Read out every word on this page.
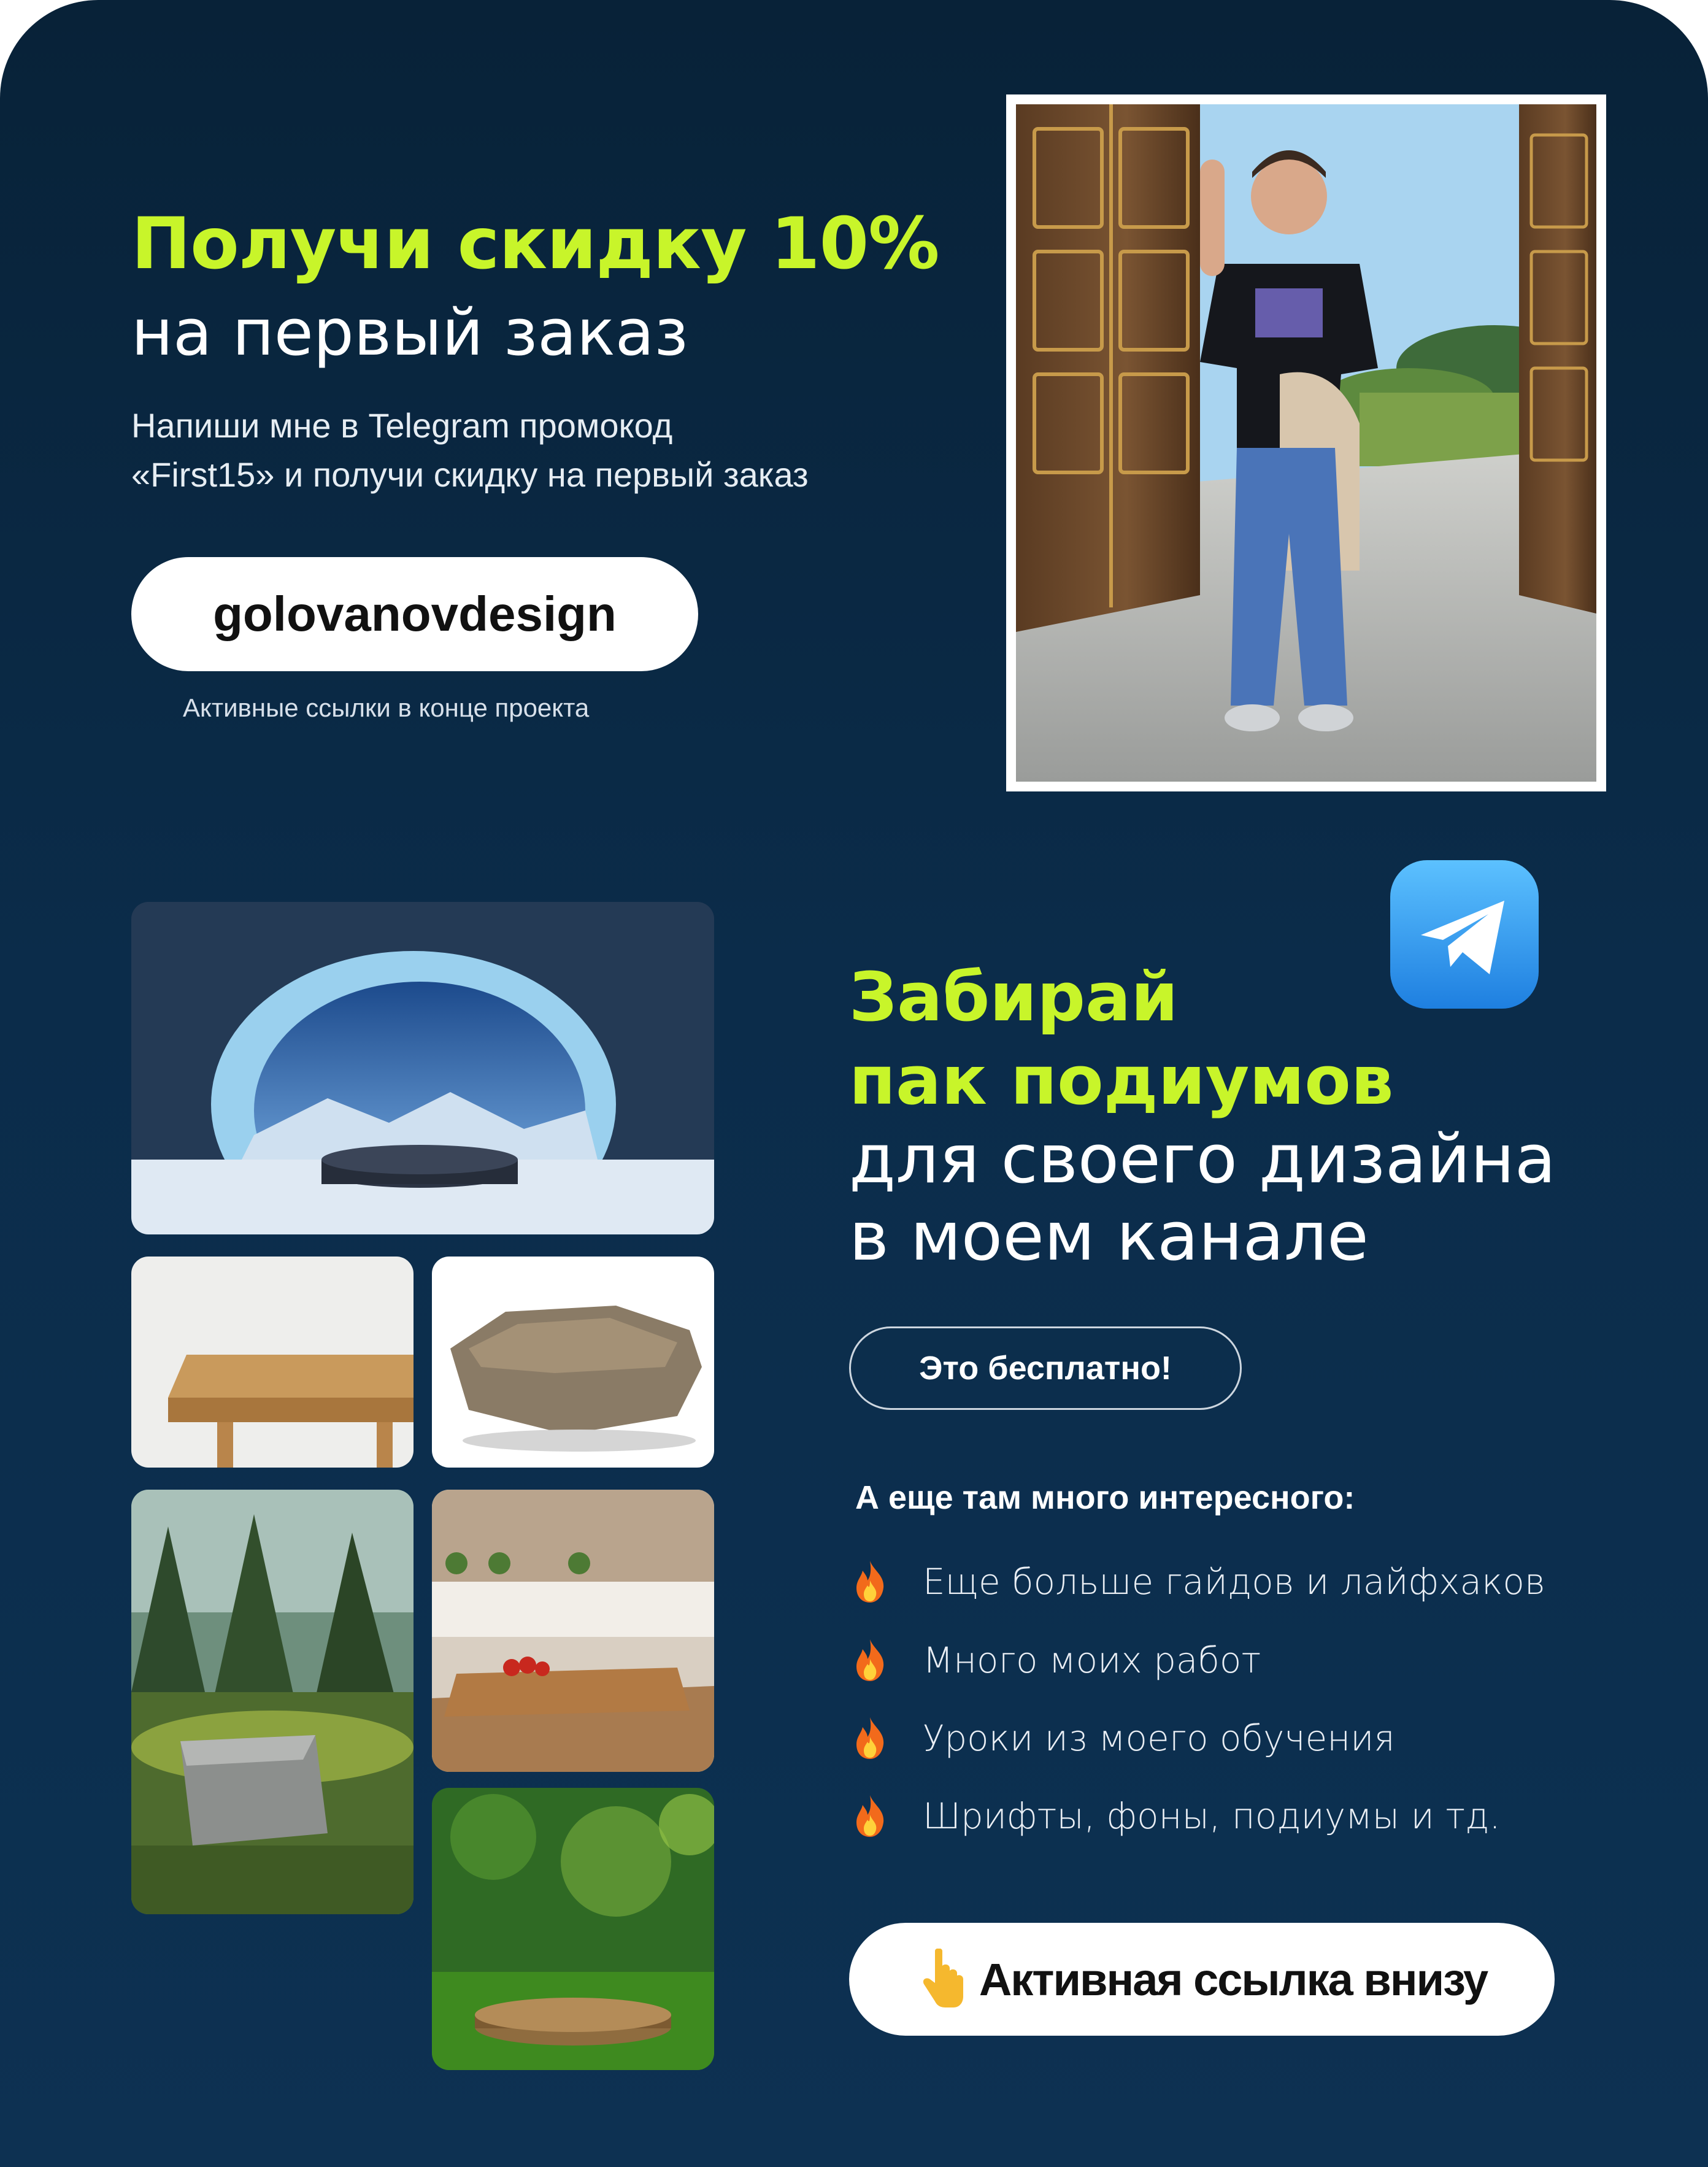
Получи скидку 10%
на первый заказ
Напиши мне в Telegram промокод
«First15» и получи скидку на первый заказ
golovanovdesign
Активные ссылки в конце проекта
Забирай
пак подиумов
для своего дизайна
в моем канале
Это бесплатно!
А еще там много интересного:
Еще больше гайдов и лайфхаков
Много моих работ
Уроки из моего обучения
Шрифты, фоны, подиумы и тд.
Активная ссылка внизу
